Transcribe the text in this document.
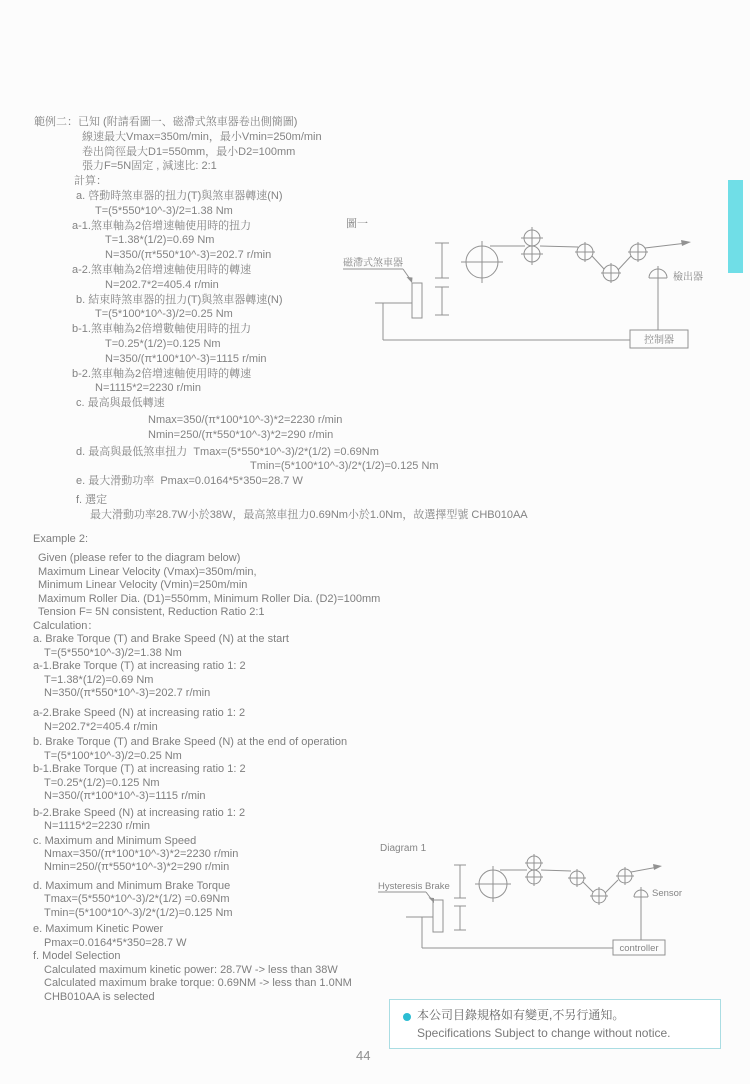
範例二：已知 (附請看圖一、磁滯式煞車器卷出側簡圖)
線速最大Vmax=350m/min，最小Vmin=250m/min
卷出筒徑最大D1=550mm，最小D2=100mm
張力F=5N固定 , 減速比: 2:1
計算：
a. 啓動時煞車器的扭力(T)與煞車器轉速(N)
T=(5*550*10^-3)/2=1.38 Nm
a-1.煞車軸為2倍增速軸使用時的扭力
T=1.38*(1/2)=0.69 Nm
N=350/(π*550*10^-3)=202.7 r/min
a-2.煞車軸為2倍增速軸使用時的轉速
N=202.7*2=405.4 r/min
b. 結束時煞車器的扭力(T)與煞車器轉速(N)
T=(5*100*10^-3)/2=0.25 Nm
b-1.煞車軸為2倍增數軸使用時的扭力
T=0.25*(1/2)=0.125 Nm
N=350/(π*100*10^-3)=1115 r/min
b-2.煞車軸為2倍增速軸使用時的轉速
N=1115*2=2230 r/min
c. 最高與最低轉速
Nmax=350/(π*100*10^-3)*2=2230 r/min
Nmin=250/(π*550*10^-3)*2=290 r/min
d. 最高與最低煞車扭力  Tmax=(5*550*10^-3)/2*(1/2) =0.69Nm
Tmin=(5*100*10^-3)/2*(1/2)=0.125 Nm
e. 最大滑動功率  Pmax=0.0164*5*350=28.7 W
f. 選定
最大滑動功率28.7W小於38W，最高煞車扭力0.69Nm小於1.0Nm，故選擇型號 CHB010AA
圖一
磁滯式煞車器
檢出器
控制器
Example 2:
Given (please refer to the diagram below)
Maximum Linear Velocity (Vmax)=350m/min,
Minimum Linear Velocity (Vmin)=250m/min
Maximum Roller Dia. (D1)=550mm, Minimum Roller Dia. (D2)=100mm
Tension F= 5N consistent, Reduction Ratio 2:1
Calculation：
a. Brake Torque (T) and Brake Speed (N) at the start
T=(5*550*10^-3)/2=1.38 Nm
a-1.Brake Torque (T) at increasing ratio 1: 2
T=1.38*(1/2)=0.69 Nm
N=350/(π*550*10^-3)=202.7 r/min
a-2.Brake Speed (N) at increasing ratio 1: 2
N=202.7*2=405.4 r/min
b. Brake Torque (T) and Brake Speed (N) at the end of operation
T=(5*100*10^-3)/2=0.25 Nm
b-1.Brake Torque (T) at increasing ratio 1: 2
T=0.25*(1/2)=0.125 Nm
N=350/(π*100*10^-3)=1115 r/min
b-2.Brake Speed (N) at increasing ratio 1: 2
N=1115*2=2230 r/min
c. Maximum and Minimum Speed
Nmax=350/(π*100*10^-3)*2=2230 r/min
Nmin=250/(π*550*10^-3)*2=290 r/min
d. Maximum and Minimum Brake Torque
Tmax=(5*550*10^-3)/2*(1/2) =0.69Nm
Tmin=(5*100*10^-3)/2*(1/2)=0.125 Nm
e. Maximum Kinetic Power
Pmax=0.0164*5*350=28.7 W
f. Model Selection
Calculated maximum kinetic power: 28.7W -> less than 38W
Calculated maximum brake torque: 0.69NM -> less than 1.0NM
CHB010AA is selected
Diagram 1
Hysteresis Brake
Sensor
controller
本公司目錄規格如有變更,不另行通知。
Specifications Subject to change without notice.
44
